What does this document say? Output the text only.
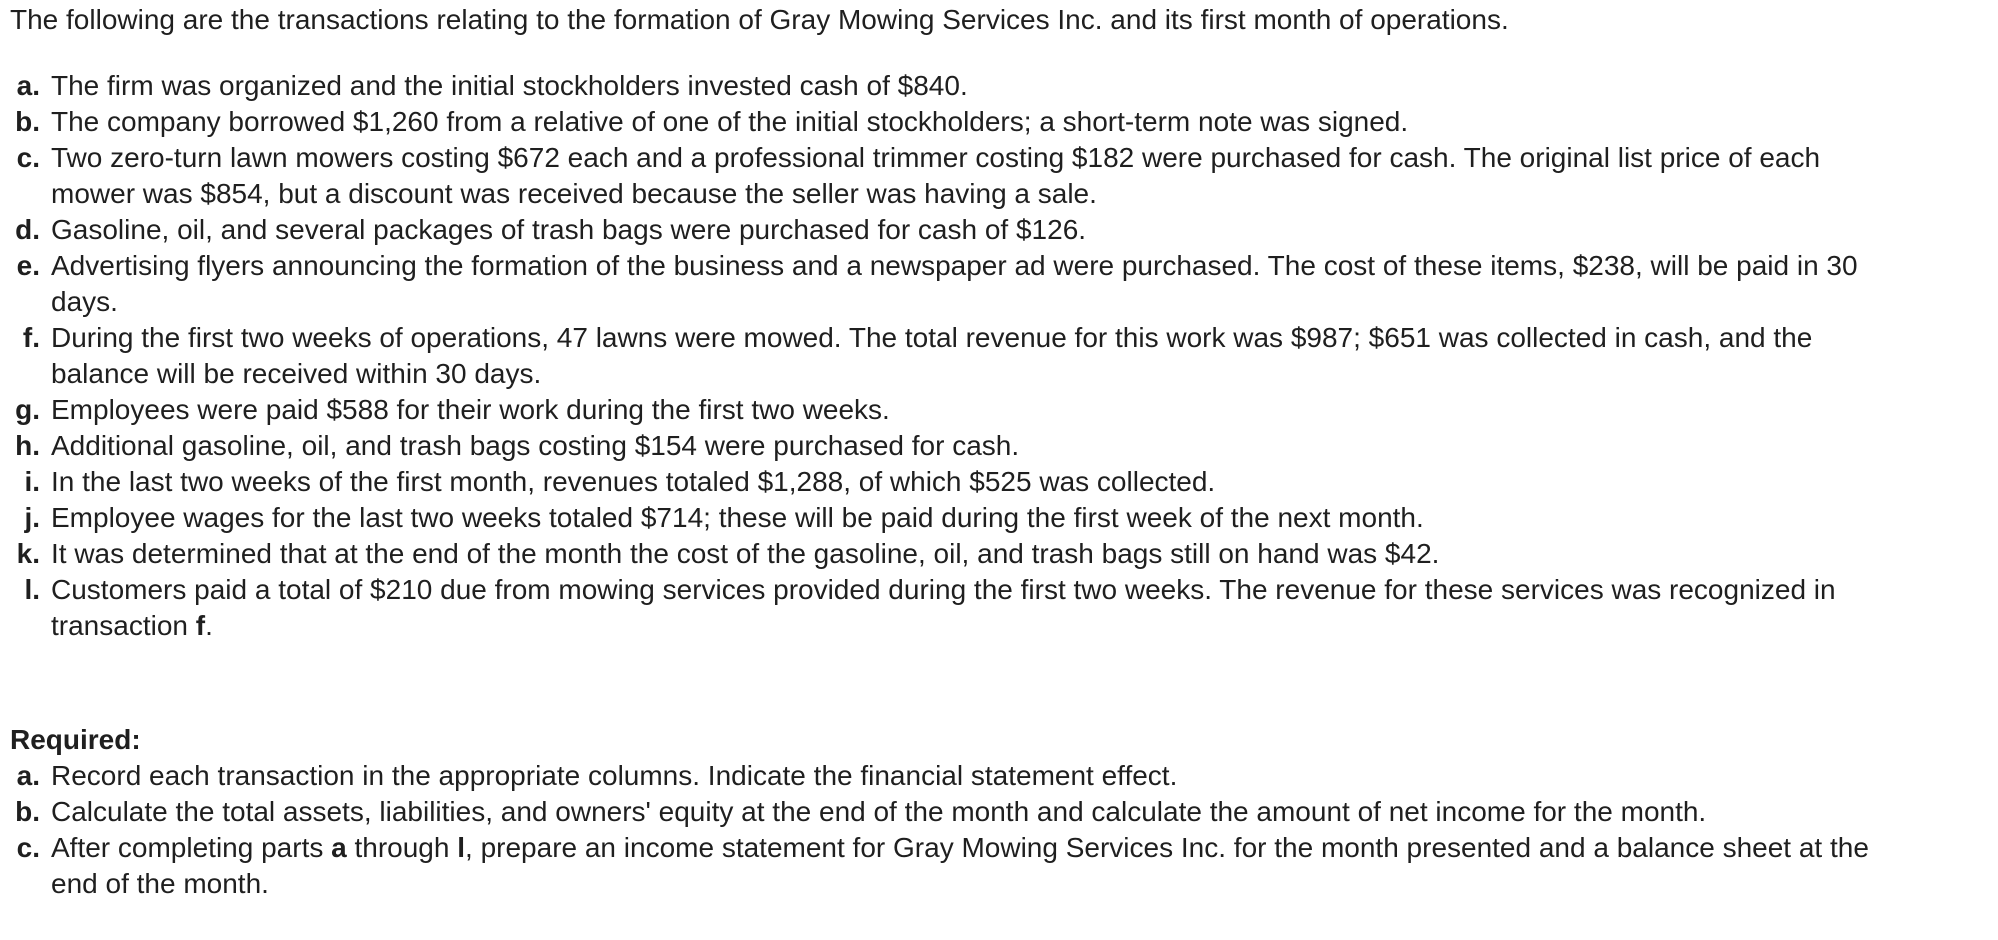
The following are the transactions relating to the formation of Gray Mowing Services Inc. and its first month of operations.

a. The firm was organized and the initial stockholders invested cash of $840.
b. The company borrowed $1,260 from a relative of one of the initial stockholders; a short-term note was signed.
c. Two zero-turn lawn mowers costing $672 each and a professional trimmer costing $182 were purchased for cash. The original list price of each mower was $854, but a discount was received because the seller was having a sale.
d. Gasoline, oil, and several packages of trash bags were purchased for cash of $126.
e. Advertising flyers announcing the formation of the business and a newspaper ad were purchased. The cost of these items, $238, will be paid in 30 days.
f. During the first two weeks of operations, 47 lawns were mowed. The total revenue for this work was $987; $651 was collected in cash, and the balance will be received within 30 days.
g. Employees were paid $588 for their work during the first two weeks.
h. Additional gasoline, oil, and trash bags costing $154 were purchased for cash.
i. In the last two weeks of the first month, revenues totaled $1,288, of which $525 was collected.
j. Employee wages for the last two weeks totaled $714; these will be paid during the first week of the next month.
k. It was determined that at the end of the month the cost of the gasoline, oil, and trash bags still on hand was $42.
l. Customers paid a total of $210 due from mowing services provided during the first two weeks. The revenue for these services was recognized in transaction f.

Required:

a. Record each transaction in the appropriate columns. Indicate the financial statement effect.
b. Calculate the total assets, liabilities, and owners' equity at the end of the month and calculate the amount of net income for the month.
c. After completing parts a through l, prepare an income statement for Gray Mowing Services Inc. for the month presented and a balance sheet at the end of the month.
